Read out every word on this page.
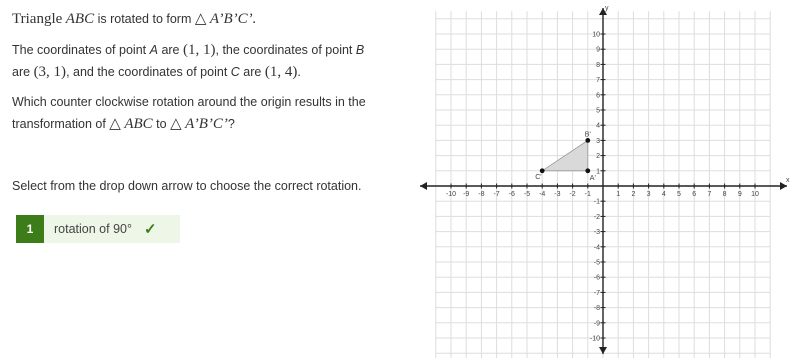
Triangle ABC is rotated to form △ A’B’C’.
The coordinates of point A are (1, 1), the coordinates of point B
are (3, 1), and the coordinates of point C are (1, 4).
Which counter clockwise rotation around the origin results in the
transformation of △ ABC to △ A’B’C’?
Select from the drop down arrow to choose the correct rotation.
1	rotation of 90° ✓
x
y
-10 -9 -8 -7 -6 -5 -4 -3 -2 -1	1 2 3 4 5 6 7 8 9 10
10
9
8
7
6
5
4
3
2
1
-1
-2
-3
-4
-5
-6
-7
-8
-9
-10
A'
B'
C'
